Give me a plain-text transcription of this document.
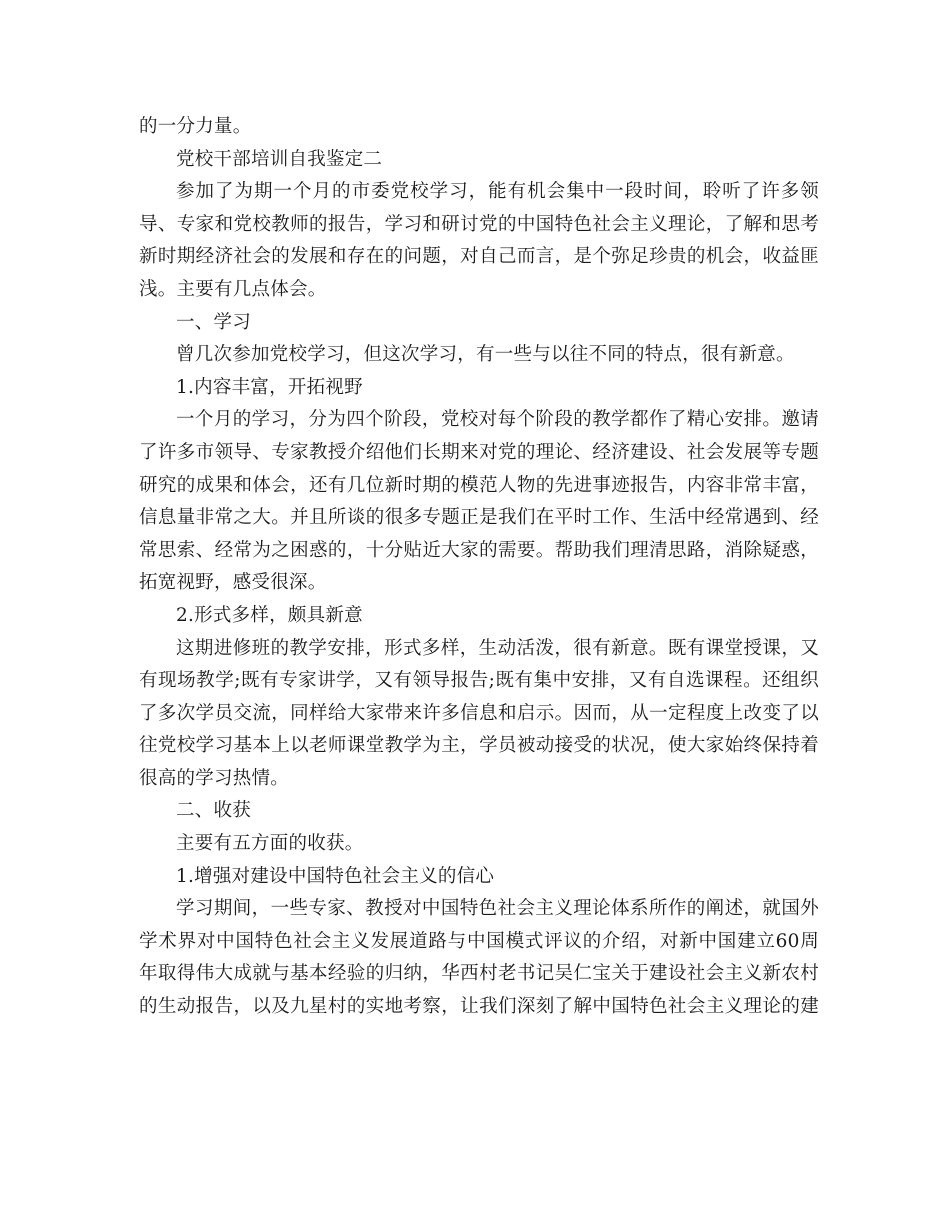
的一分力量。

党校干部培训自我鉴定二

参加了为期一个月的市委党校学习，能有机会集中一段时间，聆听了许多领导、专家和党校教师的报告，学习和研讨党的中国特色社会主义理论，了解和思考新时期经济社会的发展和存在的问题，对自己而言，是个弥足珍贵的机会，收益匪浅。主要有几点体会。

一、学习

曾几次参加党校学习，但这次学习，有一些与以往不同的特点，很有新意。

1.内容丰富，开拓视野

一个月的学习，分为四个阶段，党校对每个阶段的教学都作了精心安排。邀请了许多市领导、专家教授介绍他们长期来对党的理论、经济建设、社会发展等专题研究的成果和体会，还有几位新时期的模范人物的先进事迹报告，内容非常丰富，信息量非常之大。并且所谈的很多专题正是我们在平时工作、生活中经常遇到、经常思索、经常为之困惑的，十分贴近大家的需要。帮助我们理清思路，消除疑惑，拓宽视野，感受很深。

2.形式多样，颇具新意

这期进修班的教学安排，形式多样，生动活泼，很有新意。既有课堂授课，又有现场教学;既有专家讲学，又有领导报告;既有集中安排，又有自选课程。还组织了多次学员交流，同样给大家带来许多信息和启示。因而，从一定程度上改变了以往党校学习基本上以老师课堂教学为主，学员被动接受的状况，使大家始终保持着很高的学习热情。

二、收获

主要有五方面的收获。

1.增强对建设中国特色社会主义的信心

学习期间，一些专家、教授对中国特色社会主义理论体系所作的阐述，就国外学术界对中国特色社会主义发展道路与中国模式评议的介绍，对新中国建立60周年取得伟大成就与基本经验的归纳，华西村老书记吴仁宝关于建设社会主义新农村的生动报告，以及九星村的实地考察，让我们深刻了解中国特色社会主义理论的建
